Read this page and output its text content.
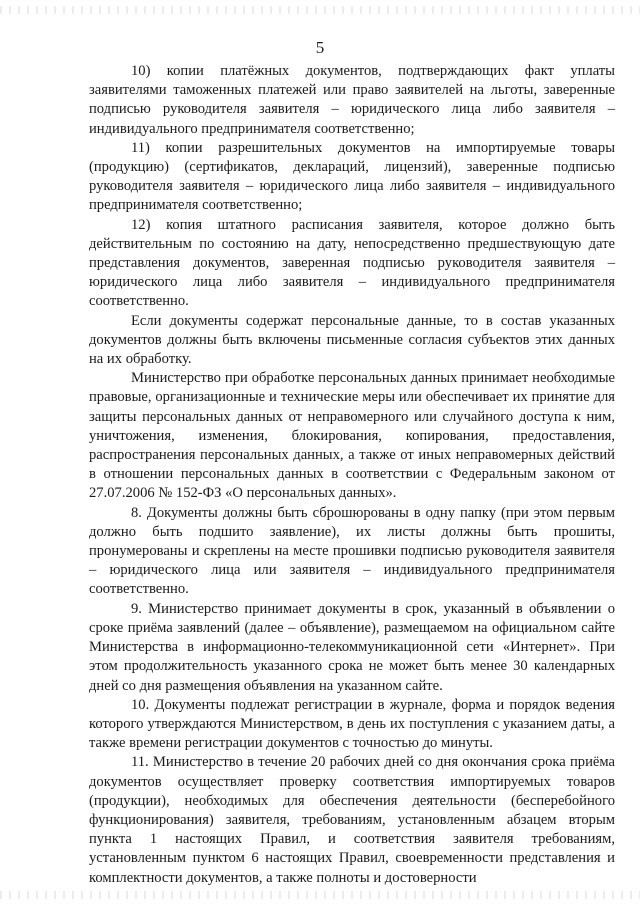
5

10) копии платёжных документов, подтверждающих факт уплаты заявителями таможенных платежей или право заявителей на льготы, заверенные подписью руководителя заявителя – юридического лица либо заявителя – индивидуального предпринимателя соответственно;

11) копии разрешительных документов на импортируемые товары (продукцию) (сертификатов, деклараций, лицензий), заверенные подписью руководителя заявителя – юридического лица либо заявителя – индивидуального предпринимателя соответственно;

12) копия штатного расписания заявителя, которое должно быть действительным по состоянию на дату, непосредственно предшествующую дате представления документов, заверенная подписью руководителя заявителя – юридического лица либо заявителя – индивидуального предпринимателя соответственно.

Если документы содержат персональные данные, то в состав указанных документов должны быть включены письменные согласия субъектов этих данных на их обработку.

Министерство при обработке персональных данных принимает необходимые правовые, организационные и технические меры или обеспечивает их принятие для защиты персональных данных от неправомерного или случайного доступа к ним, уничтожения, изменения, блокирования, копирования, предоставления, распространения персональных данных, а также от иных неправомерных действий в отношении персональных данных в соответствии с Федеральным законом от 27.07.2006 № 152-ФЗ «О персональных данных».

8. Документы должны быть сброшюрованы в одну папку (при этом первым должно быть подшито заявление), их листы должны быть прошиты, пронумерованы и скреплены на месте прошивки подписью руководителя заявителя – юридического лица или заявителя – индивидуального предпринимателя соответственно.

9. Министерство принимает документы в срок, указанный в объявлении о сроке приёма заявлений (далее – объявление), размещаемом на официальном сайте Министерства в информационно-телекоммуникационной сети «Интернет». При этом продолжительность указанного срока не может быть менее 30 календарных дней со дня размещения объявления на указанном сайте.

10. Документы подлежат регистрации в журнале, форма и порядок ведения которого утверждаются Министерством, в день их поступления с указанием даты, а также времени регистрации документов с точностью до минуты.

11. Министерство в течение 20 рабочих дней со дня окончания срока приёма документов осуществляет проверку соответствия импортируемых товаров (продукции), необходимых для обеспечения деятельности (бесперебойного функционирования) заявителя, требованиям, установленным абзацем вторым пункта 1 настоящих Правил, и соответствия заявителя требованиям, установленным пунктом 6 настоящих Правил, своевременности представления и комплектности документов, а также полноты и достоверности
